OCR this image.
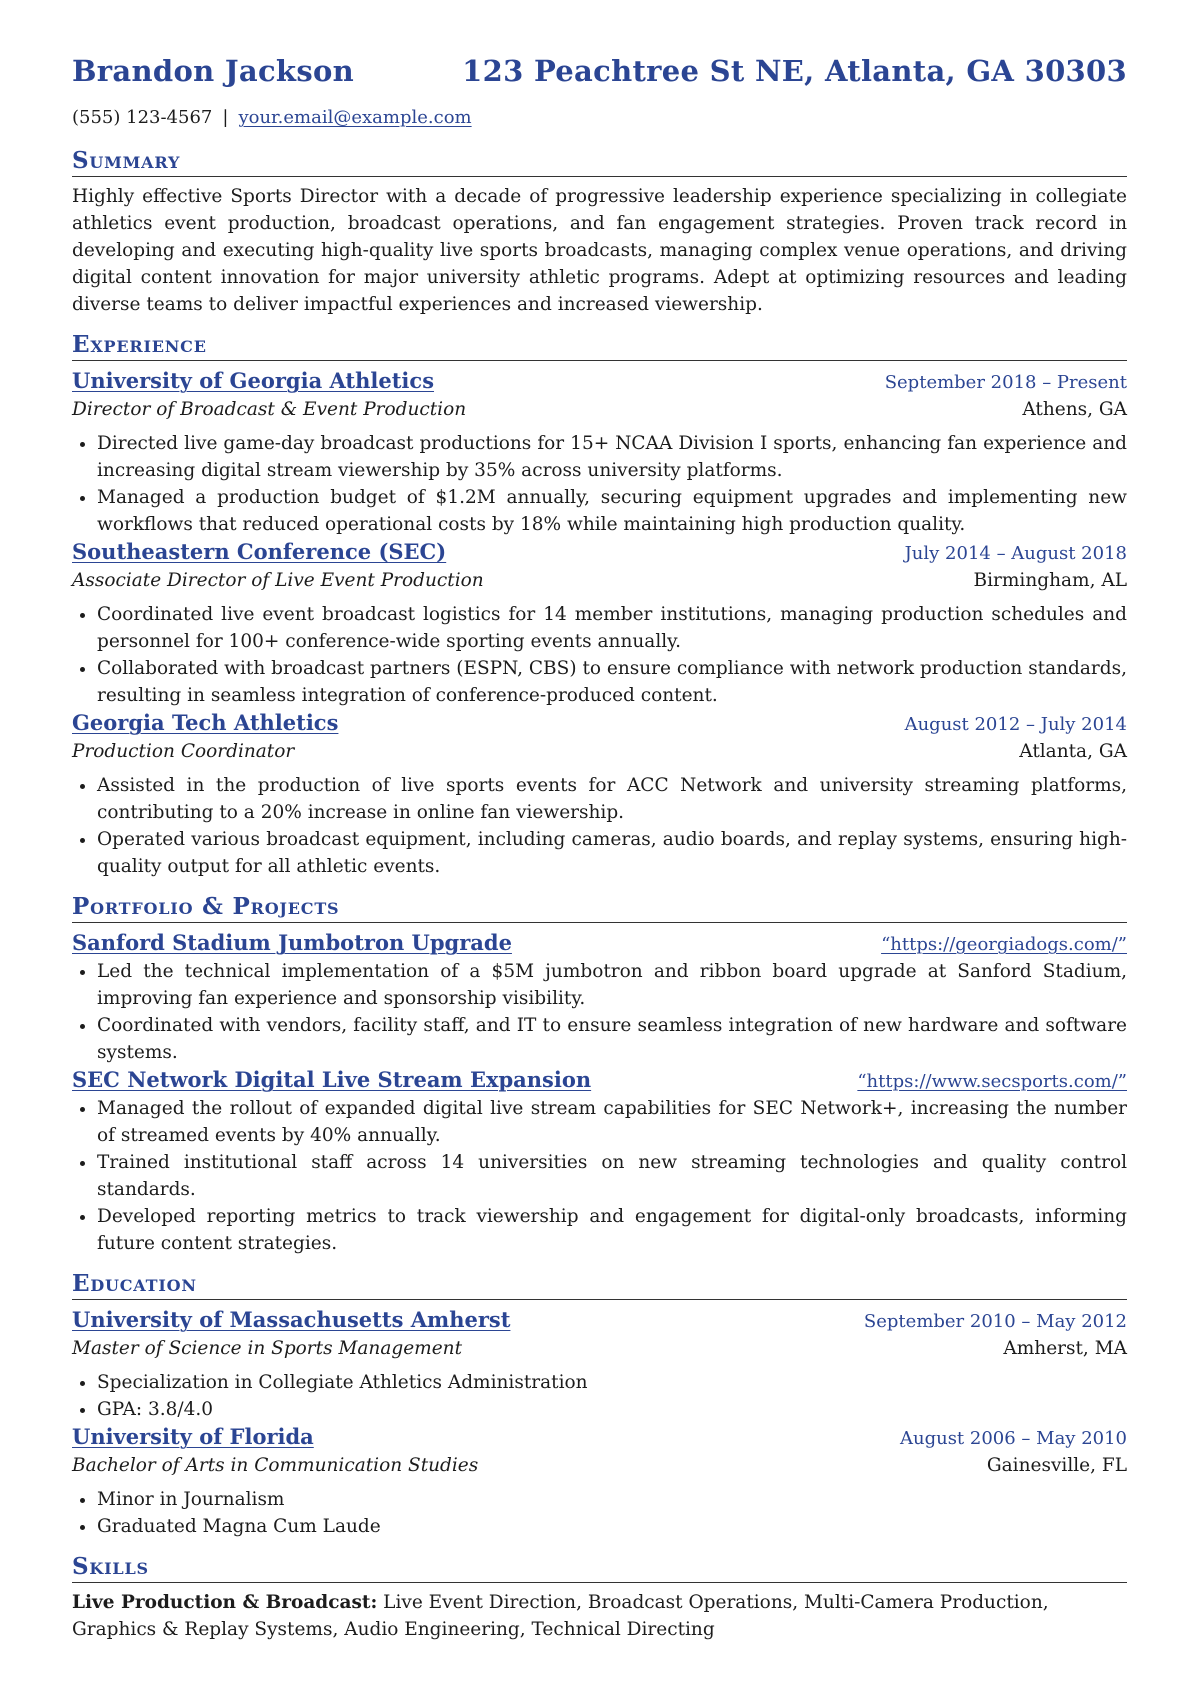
Brandon Jackson	123 Peachtree St NE, Atlanta, GA 30303
(555) 123-4567 | your.email@example.com
Summary

Highly effective Sports Director with a decade of progressive leadership experience specializing in collegiate athletics event production, broadcast operations, and fan engagement strategies. Proven track record in developing and executing high-quality live sports broadcasts, managing complex venue operations, and driving digital content innovation for major university athletic programs. Adept at optimizing resources and leading diverse teams to deliver impactful experiences and increased viewership.

Experience
University of Georgia Athletics	September 2018 – Present
Director of Broadcast & Event Production	Athens, GA
• Directed live game-day broadcast productions for 15+ NCAA Division I sports, enhancing fan experience and increasing digital stream viewership by 35% across university platforms.
• Managed a production budget of $1.2M annually, securing equipment upgrades and implementing new workflows that reduced operational costs by 18% while maintaining high production quality.
Southeastern Conference (SEC)	July 2014 – August 2018
Associate Director of Live Event Production	Birmingham, AL
• Coordinated live event broadcast logistics for 14 member institutions, managing production schedules and personnel for 100+ conference-wide sporting events annually.
• Collaborated with broadcast partners (ESPN, CBS) to ensure compliance with network production standards, resulting in seamless integration of conference-produced content.
Georgia Tech Athletics	August 2012 – July 2014
Production Coordinator	Atlanta, GA
• Assisted in the production of live sports events for ACC Network and university streaming platforms, contributing to a 20% increase in online fan viewership.
• Operated various broadcast equipment, including cameras, audio boards, and replay systems, ensuring high-quality output for all athletic events.
Portfolio & Projects
Sanford Stadium Jumbotron Upgrade	“https://georgiadogs.com/”
• Led the technical implementation of a $5M jumbotron and ribbon board upgrade at Sanford Stadium, improving fan experience and sponsorship visibility.
• Coordinated with vendors, facility staff, and IT to ensure seamless integration of new hardware and software systems.
SEC Network Digital Live Stream Expansion	“https://www.secsports.com/”
• Managed the rollout of expanded digital live stream capabilities for SEC Network+, increasing the number of streamed events by 40% annually.
• Trained institutional staff across 14 universities on new streaming technologies and quality control standards.
• Developed reporting metrics to track viewership and engagement for digital-only broadcasts, informing future content strategies.
Education
University of Massachusetts Amherst	September 2010 – May 2012
Master of Science in Sports Management	Amherst, MA
• Specialization in Collegiate Athletics Administration
• GPA: 3.8/4.0
University of Florida	August 2006 – May 2010
Bachelor of Arts in Communication Studies	Gainesville, FL
• Minor in Journalism
• Graduated Magna Cum Laude
Skills

Live Production & Broadcast: Live Event Direction, Broadcast Operations, Multi-Camera Production, Graphics & Replay Systems, Audio Engineering, Technical Directing
